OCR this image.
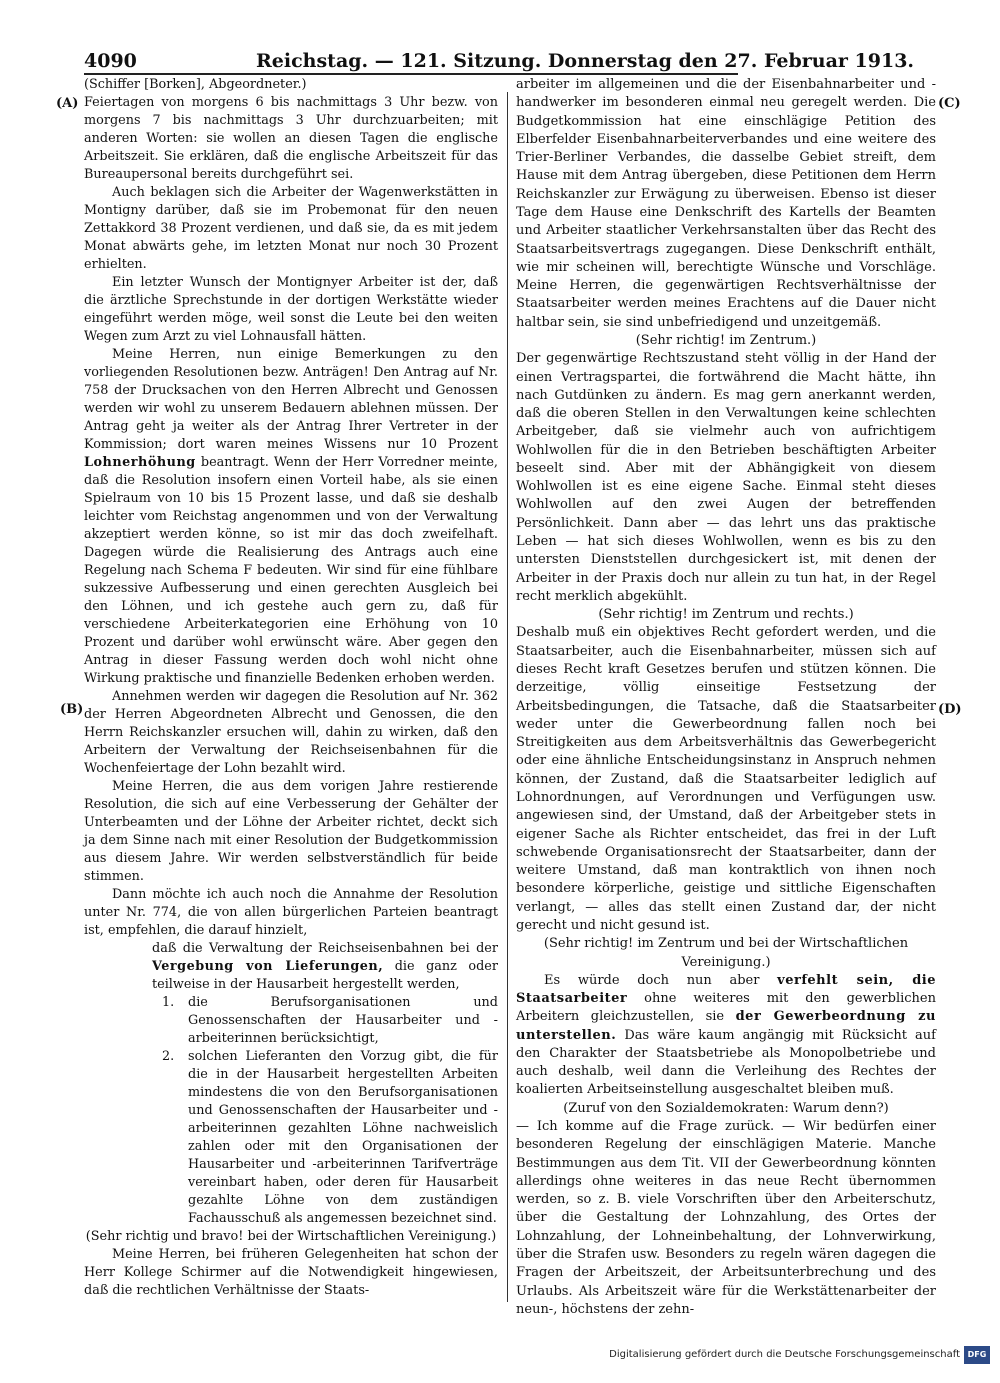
4090	Reichstag. — 121. Sitzung. Donnerstag den 27. Februar 1913.
(A)
(B)
(C)
(D)

(Schiffer [Borken], Abgeordneter.)

Feiertagen von morgens 6 bis nachmittags 3 Uhr bezw. von morgens 7 bis nachmittags 3 Uhr durchzuarbeiten; mit anderen Worten: sie wollen an diesen Tagen die englische Arbeitszeit. Sie erklären, daß die englische Arbeitszeit für das Bureaupersonal bereits durchgeführt sei.

Auch beklagen sich die Arbeiter der Wagenwerkstätten in Montigny darüber, daß sie im Probemonat für den neuen Zettakkord 38 Prozent verdienen, und daß sie, da es mit jedem Monat abwärts gehe, im letzten Monat nur noch 30 Prozent erhielten.

Ein letzter Wunsch der Montignyer Arbeiter ist der, daß die ärztliche Sprechstunde in der dortigen Werkstätte wieder eingeführt werden möge, weil sonst die Leute bei den weiten Wegen zum Arzt zu viel Lohnausfall hätten.

Meine Herren, nun einige Bemerkungen zu den vorliegenden Resolutionen bezw. Anträgen! Den Antrag auf Nr. 758 der Drucksachen von den Herren Albrecht und Genossen werden wir wohl zu unserem Bedauern ablehnen müssen. Der Antrag geht ja weiter als der Antrag Ihrer Vertreter in der Kommission; dort waren meines Wissens nur 10 Prozent Lohnerhöhung beantragt. Wenn der Herr Vorredner meinte, daß die Resolution insofern einen Vorteil habe, als sie einen Spielraum von 10 bis 15 Prozent lasse, und daß sie deshalb leichter vom Reichstag angenommen und von der Verwaltung akzeptiert werden könne, so ist mir das doch zweifelhaft. Dagegen würde die Realisierung des Antrags auch eine Regelung nach Schema F bedeuten. Wir sind für eine fühlbare sukzessive Aufbesserung und einen gerechten Ausgleich bei den Löhnen, und ich gestehe auch gern zu, daß für verschiedene Arbeiterkategorien eine Erhöhung von 10 Prozent und darüber wohl erwünscht wäre. Aber gegen den Antrag in dieser Fassung werden doch wohl nicht ohne Wirkung praktische und finanzielle Bedenken erhoben werden.

Annehmen werden wir dagegen die Resolution auf Nr. 362 der Herren Abgeordneten Albrecht und Genossen, die den Herrn Reichskanzler ersuchen will, dahin zu wirken, daß den Arbeitern der Verwaltung der Reichseisenbahnen für die Wochenfeiertage der Lohn bezahlt wird.

Meine Herren, die aus dem vorigen Jahre restierende Resolution, die sich auf eine Verbesserung der Gehälter der Unterbeamten und der Löhne der Arbeiter richtet, deckt sich ja dem Sinne nach mit einer Resolution der Budgetkommission aus diesem Jahre. Wir werden selbstverständlich für beide stimmen.

Dann möchte ich auch noch die Annahme der Resolution unter Nr. 774, die von allen bürgerlichen Parteien beantragt ist, empfehlen, die darauf hinzielt,

daß die Verwaltung der Reichseisenbahnen bei der Vergebung von Lieferungen, die ganz oder teilweise in der Hausarbeit hergestellt werden,

1. die Berufsorganisationen und Genossenschaften der Hausarbeiter und -arbeiterinnen berücksichtigt,
2. solchen Lieferanten den Vorzug gibt, die für die in der Hausarbeit hergestellten Arbeiten mindestens die von den Berufsorganisationen und Genossenschaften der Hausarbeiter und -arbeiterinnen gezahlten Löhne nachweislich zahlen oder mit den Organisationen der Hausarbeiter und -arbeiterinnen Tarifverträge vereinbart haben, oder deren für Hausarbeit gezahlte Löhne von dem zuständigen Fachausschuß als angemessen bezeichnet sind.

(Sehr richtig und bravo! bei der Wirtschaftlichen Vereinigung.)

Meine Herren, bei früheren Gelegenheiten hat schon der Herr Kollege Schirmer auf die Notwendigkeit hingewiesen, daß die rechtlichen Verhältnisse der Staats-

arbeiter im allgemeinen und die der Eisenbahnarbeiter und -handwerker im besonderen einmal neu geregelt werden. Die Budgetkommission hat eine einschlägige Petition des Elberfelder Eisenbahnarbeiterverbandes und eine weitere des Trier-Berliner Verbandes, die dasselbe Gebiet streift, dem Hause mit dem Antrag übergeben, diese Petitionen dem Herrn Reichskanzler zur Erwägung zu überweisen. Ebenso ist dieser Tage dem Hause eine Denkschrift des Kartells der Beamten und Arbeiter staatlicher Verkehrsanstalten über das Recht des Staatsarbeitsvertrags zugegangen. Diese Denkschrift enthält, wie mir scheinen will, berechtigte Wünsche und Vorschläge. Meine Herren, die gegenwärtigen Rechtsverhältnisse der Staatsarbeiter werden meines Erachtens auf die Dauer nicht haltbar sein, sie sind unbefriedigend und unzeitgemäß.

(Sehr richtig! im Zentrum.)

Der gegenwärtige Rechtszustand steht völlig in der Hand der einen Vertragspartei, die fortwährend die Macht hätte, ihn nach Gutdünken zu ändern. Es mag gern anerkannt werden, daß die oberen Stellen in den Verwaltungen keine schlechten Arbeitgeber, daß sie vielmehr auch von aufrichtigem Wohlwollen für die in den Betrieben beschäftigten Arbeiter beseelt sind. Aber mit der Abhängigkeit von diesem Wohlwollen ist es eine eigene Sache. Einmal steht dieses Wohlwollen auf den zwei Augen der betreffenden Persönlichkeit. Dann aber — das lehrt uns das praktische Leben — hat sich dieses Wohlwollen, wenn es bis zu den untersten Dienststellen durchgesickert ist, mit denen der Arbeiter in der Praxis doch nur allein zu tun hat, in der Regel recht merklich abgekühlt.

(Sehr richtig! im Zentrum und rechts.)

Deshalb muß ein objektives Recht gefordert werden, und die Staatsarbeiter, auch die Eisenbahnarbeiter, müssen sich auf dieses Recht kraft Gesetzes berufen und stützen können. Die derzeitige, völlig einseitige Festsetzung der Arbeitsbedingungen, die Tatsache, daß die Staatsarbeiter weder unter die Gewerbeordnung fallen noch bei Streitigkeiten aus dem Arbeitsverhältnis das Gewerbegericht oder eine ähnliche Entscheidungsinstanz in Anspruch nehmen können, der Zustand, daß die Staatsarbeiter lediglich auf Lohnordnungen, auf Verordnungen und Verfügungen usw. angewiesen sind, der Umstand, daß der Arbeitgeber stets in eigener Sache als Richter entscheidet, das frei in der Luft schwebende Organisationsrecht der Staatsarbeiter, dann der weitere Umstand, daß man kontraktlich von ihnen noch besondere körperliche, geistige und sittliche Eigenschaften verlangt, — alles das stellt einen Zustand dar, der nicht gerecht und nicht gesund ist.

(Sehr richtig! im Zentrum und bei der Wirtschaftlichen Vereinigung.)

Es würde doch nun aber verfehlt sein, die Staatsarbeiter ohne weiteres mit den gewerblichen Arbeitern gleichzustellen, sie der Gewerbeordnung zu unterstellen. Das wäre kaum angängig mit Rücksicht auf den Charakter der Staatsbetriebe als Monopolbetriebe und auch deshalb, weil dann die Verleihung des Rechtes der koalierten Arbeitseinstellung ausgeschaltet bleiben muß.

(Zuruf von den Sozialdemokraten: Warum denn?)

— Ich komme auf die Frage zurück. — Wir bedürfen einer besonderen Regelung der einschlägigen Materie. Manche Bestimmungen aus dem Tit. VII der Gewerbeordnung könnten allerdings ohne weiteres in das neue Recht übernommen werden, so z. B. viele Vorschriften über den Arbeiterschutz, über die Gestaltung der Lohnzahlung, des Ortes der Lohnzahlung, der Lohneinbehaltung, der Lohnverwirkung, über die Strafen usw. Besonders zu regeln wären dagegen die Fragen der Arbeitszeit, der Arbeitsunterbrechung und des Urlaubs. Als Arbeitszeit wäre für die Werkstättenarbeiter der neun-, höchstens der zehn-

Digitalisierung gefördert durch die Deutsche Forschungsgemeinschaft DFG
